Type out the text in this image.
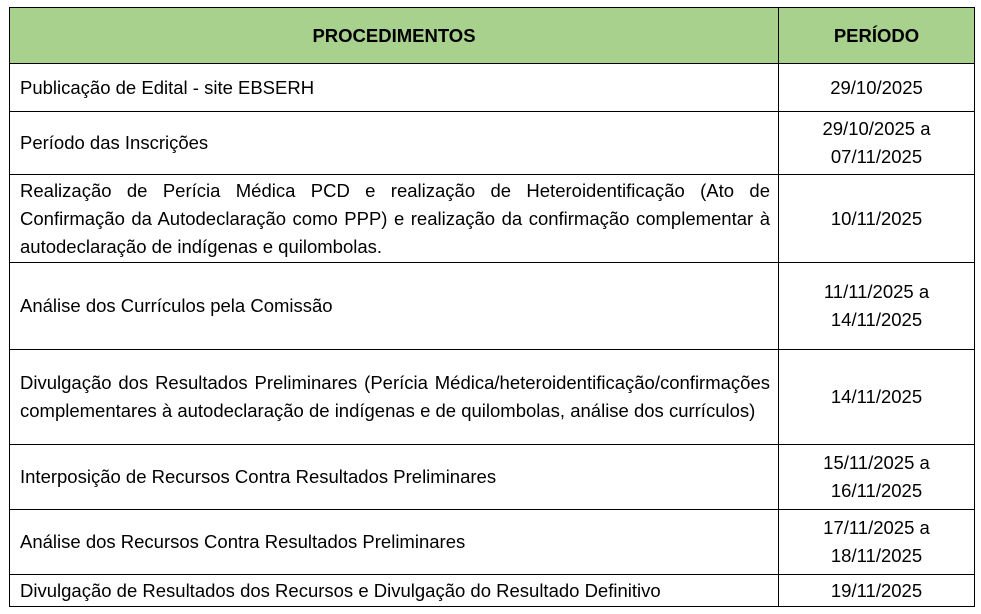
PROCEDIMENTOS	PERÍODO
Publicação de Edital - site EBSERH	29/10/2025
Período das Inscrições	29/10/2025 a 07/11/2025
Realização de Perícia Médica PCD e realização de Heteroidentificação (Ato de Confirmação da Autodeclaração como PPP) e realização da confirmação complementar à autodeclaração de indígenas e quilombolas.	10/11/2025
Análise dos Currículos pela Comissão	11/11/2025 a 14/11/2025
Divulgação dos Resultados Preliminares (Perícia Médica/heteroidentificação/confirmações complementares à autodeclaração de indígenas e de quilombolas, análise dos currículos)	14/11/2025
Interposição de Recursos Contra Resultados Preliminares	15/11/2025 a 16/11/2025
Análise dos Recursos Contra Resultados Preliminares	17/11/2025 a 18/11/2025
Divulgação de Resultados dos Recursos e Divulgação do Resultado Definitivo	19/11/2025
